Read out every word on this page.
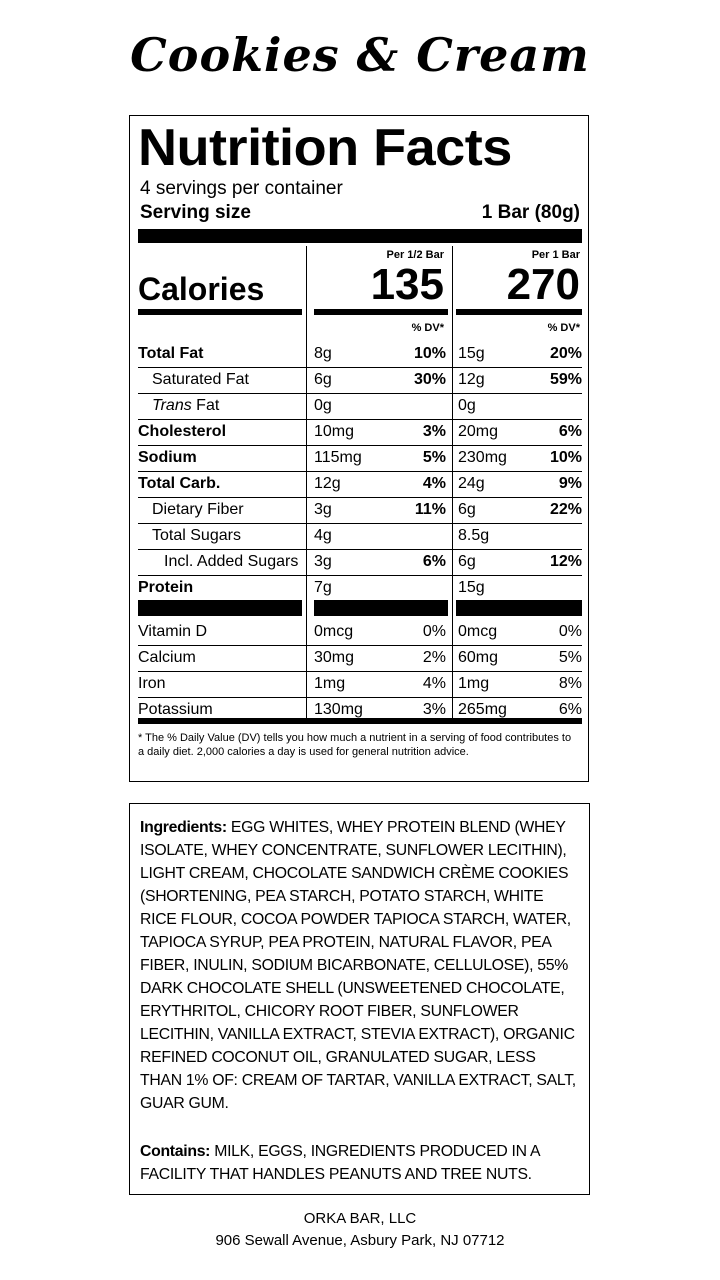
Cookies & Cream
Nutrition Facts
4 servings per container
Serving size	1 Bar (80g)
Per 1/2 Bar	Per 1 Bar
Calories 135 270
% DV*	% DV*
Total Fat	8g	10% 15g	20%
Saturated Fat	6g	30% 12g	59%
Trans Fat	0g	0g
Cholesterol	10mg	3% 20mg	6%
Sodium	115mg	5% 230mg	10%
Total Carb.	12g	4% 24g	9%
Dietary Fiber	3g	11% 6g	22%
Total Sugars	4g	8.5g
Incl. Added Sugars 3g	6% 6g	12%
Protein	7g	15g
Vitamin D	0mcg	0% 0mcg	0%
Calcium	30mg	2% 60mg	5%
Iron	1mg	4% 1mg	8%
Potassium	130mg	3% 265mg	6%
* The % Daily Value (DV) tells you how much a nutrient in a serving of food contributes to a daily diet. 2,000 calories a day is used for general nutrition advice.
Ingredients: EGG WHITES, WHEY PROTEIN BLEND (WHEY ISOLATE, WHEY CONCENTRATE, SUNFLOWER LECITHIN), LIGHT CREAM, CHOCOLATE SANDWICH CRÈME COOKIES (SHORTENING, PEA STARCH, POTATO STARCH, WHITE RICE FLOUR, COCOA POWDER TAPIOCA STARCH, WATER, TAPIOCA SYRUP, PEA PROTEIN, NATURAL FLAVOR, PEA FIBER, INULIN, SODIUM BICARBONATE, CELLULOSE), 55% DARK CHOCOLATE SHELL (UNSWEETENED CHOCOLATE, ERYTHRITOL, CHICORY ROOT FIBER, SUNFLOWER LECITHIN, VANILLA EXTRACT, STEVIA EXTRACT), ORGANIC REFINED COCONUT OIL, GRANULATED SUGAR, LESS THAN 1% OF: CREAM OF TARTAR, VANILLA EXTRACT, SALT, GUAR GUM.
Contains: MILK, EGGS, INGREDIENTS PRODUCED IN A FACILITY THAT HANDLES PEANUTS AND TREE NUTS.
ORKA BAR, LLC
906 Sewall Avenue, Asbury Park, NJ 07712
